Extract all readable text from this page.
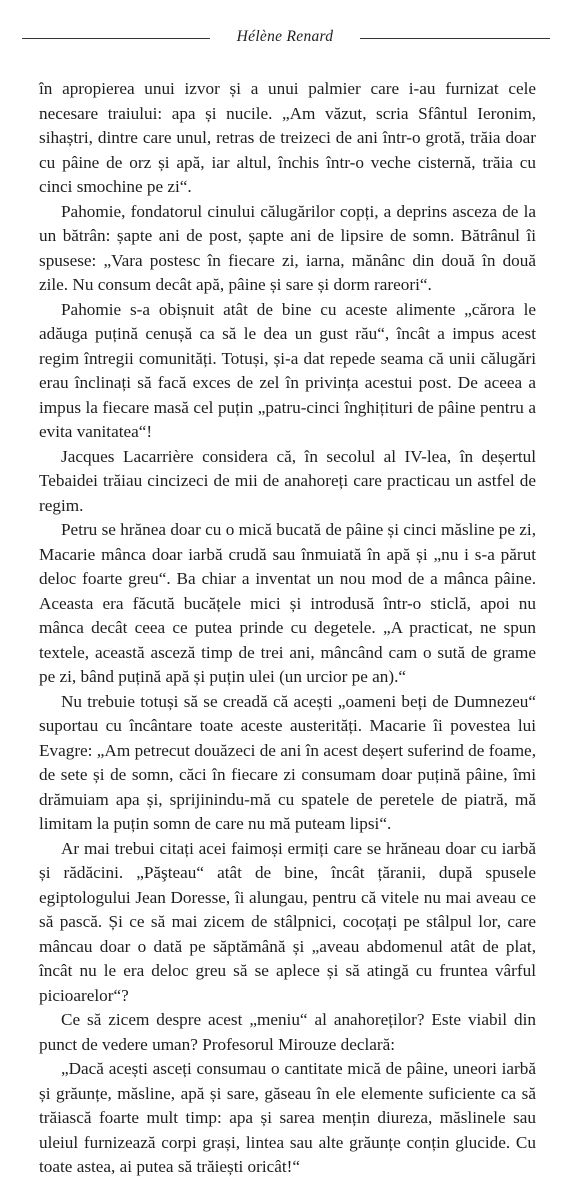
Hélène Renard

în apropierea unui izvor și a unui palmier care i-au furnizat cele necesare traiului: apa și nucile. „Am văzut, scria Sfântul Ieronim, sihaștri, dintre care unul, retras de treizeci de ani într-o grotă, trăia doar cu pâine de orz și apă, iar altul, închis într-o veche cisternă, trăia cu cinci smochine pe zi“.

Pahomie, fondatorul cinului călugărilor copți, a deprins asceza de la un bătrân: șapte ani de post, șapte ani de lipsire de somn. Bătrânul îi spusese: „Vara postesc în fiecare zi, iarna, mănânc din două în două zile. Nu consum decât apă, pâine și sare și dorm rareori“.

Pahomie s-a obișnuit atât de bine cu aceste alimente „cărora le adăuga puțină cenușă ca să le dea un gust rău“, încât a impus acest regim întregii comunități. Totuși, și-a dat repede seama că unii călugări erau înclinați să facă exces de zel în privința acestui post. De aceea a impus la fiecare masă cel puțin „patru-cinci înghițituri de pâine pentru a evita vanitatea“!

Jacques Lacarrière considera că, în secolul al IV-lea, în deșertul Tebaidei trăiau cincizeci de mii de anahoreți care practicau un astfel de regim.

Petru se hrănea doar cu o mică bucată de pâine și cinci măsline pe zi, Macarie mânca doar iarbă crudă sau înmuiată în apă și „nu i s-a părut deloc foarte greu“. Ba chiar a inventat un nou mod de a mânca pâine. Aceasta era făcută bucățele mici și introdusă într-o sticlă, apoi nu mânca decât ceea ce putea prinde cu degetele. „A practicat, ne spun textele, această asceză timp de trei ani, mâncând cam o sută de grame pe zi, bând puțină apă și puțin ulei (un urcior pe an).“

Nu trebuie totuși să se creadă că acești „oameni beți de Dumnezeu“ suportau cu încântare toate aceste austerități. Macarie îi povestea lui Evagre: „Am petrecut douăzeci de ani în acest deșert suferind de foame, de sete și de somn, căci în fiecare zi consumam doar puțină pâine, îmi drămuiam apa și, sprijinindu-mă cu spatele de peretele de piatră, mă limitam la puțin somn de care nu mă puteam lipsi“.

Ar mai trebui citați acei faimoși ermiți care se hrăneau doar cu iarbă și rădăcini. „Păşteau“ atât de bine, încât țăranii, după spusele egiptologului Jean Doresse, îi alungau, pentru că vitele nu mai aveau ce să pască. Și ce să mai zicem de stâlpnici, cocoțați pe stâlpul lor, care mâncau doar o dată pe săptămână și „aveau abdomenul atât de plat, încât nu le era deloc greu să se aplece și să atingă cu fruntea vârful picioarelor“?

Ce să zicem despre acest „meniu“ al anahoreților? Este viabil din punct de vedere uman? Profesorul Mirouze declară:

„Dacă acești asceți consumau o cantitate mică de pâine, uneori iarbă și grăunțe, măsline, apă și sare, găseau în ele elemente suficiente ca să trăiască foarte mult timp: apa și sarea mențin diureza, măslinele sau uleiul furnizează corpi grași, lintea sau alte grăunțe conțin glucide. Cu toate astea, ai putea să trăiești oricât!“
